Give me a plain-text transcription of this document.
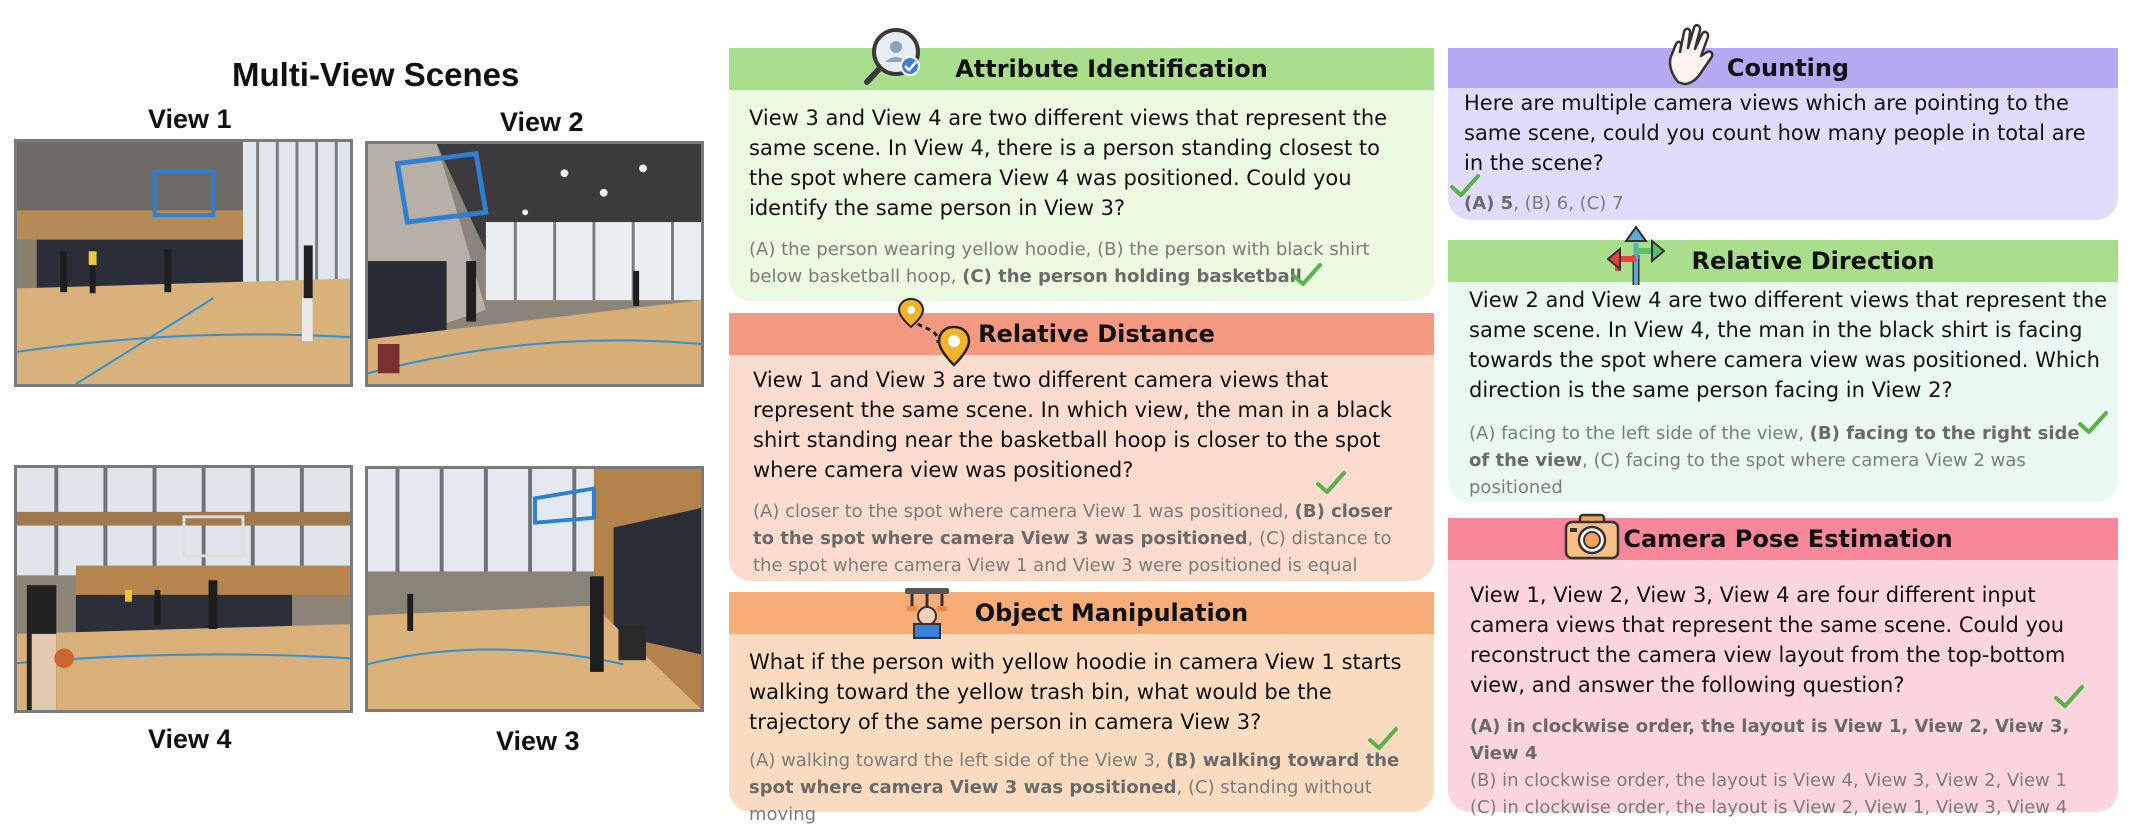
Multi-View Scenes
View 1	View 2
View 4	View 3
Attribute Identification
View 3 and View 4 are two different views that represent the same scene. In View 4, there is a person standing closest to the spot where camera View 4 was positioned. Could you identify the same person in View 3?
(A) the person wearing yellow hoodie, (B) the person with black shirt below basketball hoop, (C) the person holding basketball
Relative Distance
View 1 and View 3 are two different camera views that represent the same scene. In which view, the man in a black shirt standing near the basketball hoop is closer to the spot where camera view was positioned?
(A) closer to the spot where camera View 1 was positioned, (B) closer to the spot where camera View 3 was positioned, (C) distance to the spot where camera View 1 and View 3 were positioned is equal
Object Manipulation
What if the person with yellow hoodie in camera View 1 starts walking toward the yellow trash bin, what would be the trajectory of the same person in camera View 3?
(A) walking toward the left side of the View 3, (B) walking toward the spot where camera View 3 was positioned, (C) standing without moving
Counting
Here are multiple camera views which are pointing to the same scene, could you count how many people in total are in the scene?
(A) 5, (B) 6, (C) 7
Relative Direction
View 2 and View 4 are two different views that represent the same scene. In View 4, the man in the black shirt is facing towards the spot where camera view was positioned. Which direction is the same person facing in View 2?
(A) facing to the left side of the view, (B) facing to the right side of the view, (C) facing to the spot where camera View 2 was positioned
Camera Pose Estimation
View 1, View 2, View 3, View 4 are four different input camera views that represent the same scene. Could you reconstruct the camera view layout from the top-bottom view, and answer the following question?
(A) in clockwise order, the layout is View 1, View 2, View 3, View 4
(B) in clockwise order, the layout is View 4, View 3, View 2, View 1
(C) in clockwise order, the layout is View 2, View 1, View 3, View 4
